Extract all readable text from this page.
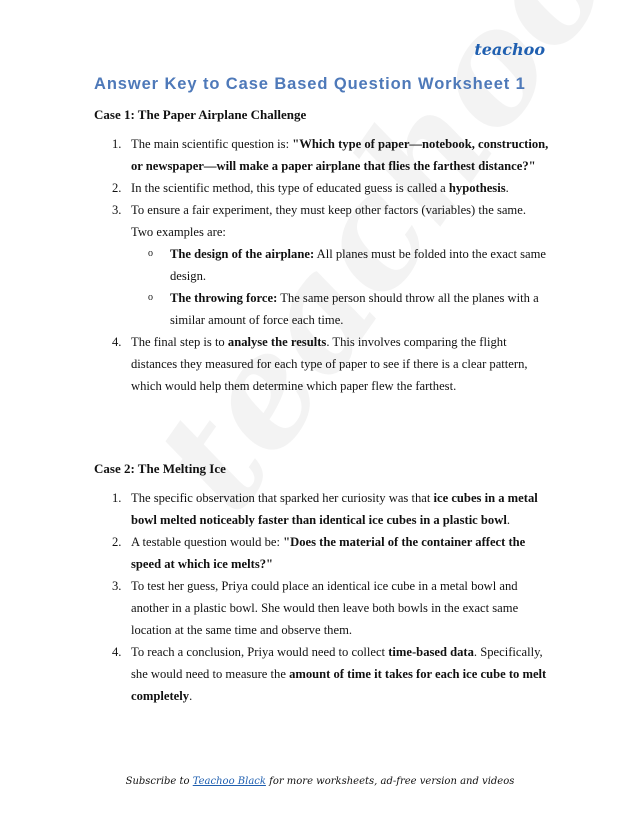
teachoo
Answer Key to Case Based Question Worksheet 1
Case 1: The Paper Airplane Challenge
1. The main scientific question is: "Which type of paper—notebook, construction, or newspaper—will make a paper airplane that flies the farthest distance?"
2. In the scientific method, this type of educated guess is called a hypothesis.
3. To ensure a fair experiment, they must keep other factors (variables) the same. Two examples are:
o The design of the airplane: All planes must be folded into the exact same design.
o The throwing force: The same person should throw all the planes with a similar amount of force each time.
4. The final step is to analyse the results. This involves comparing the flight distances they measured for each type of paper to see if there is a clear pattern, which would help them determine which paper flew the farthest.
Case 2: The Melting Ice
1. The specific observation that sparked her curiosity was that ice cubes in a metal bowl melted noticeably faster than identical ice cubes in a plastic bowl.
2. A testable question would be: "Does the material of the container affect the speed at which ice melts?"
3. To test her guess, Priya could place an identical ice cube in a metal bowl and another in a plastic bowl. She would then leave both bowls in the exact same location at the same time and observe them.
4. To reach a conclusion, Priya would need to collect time-based data. Specifically, she would need to measure the amount of time it takes for each ice cube to melt completely.
Subscribe to Teachoo Black for more worksheets, ad-free version and videos
